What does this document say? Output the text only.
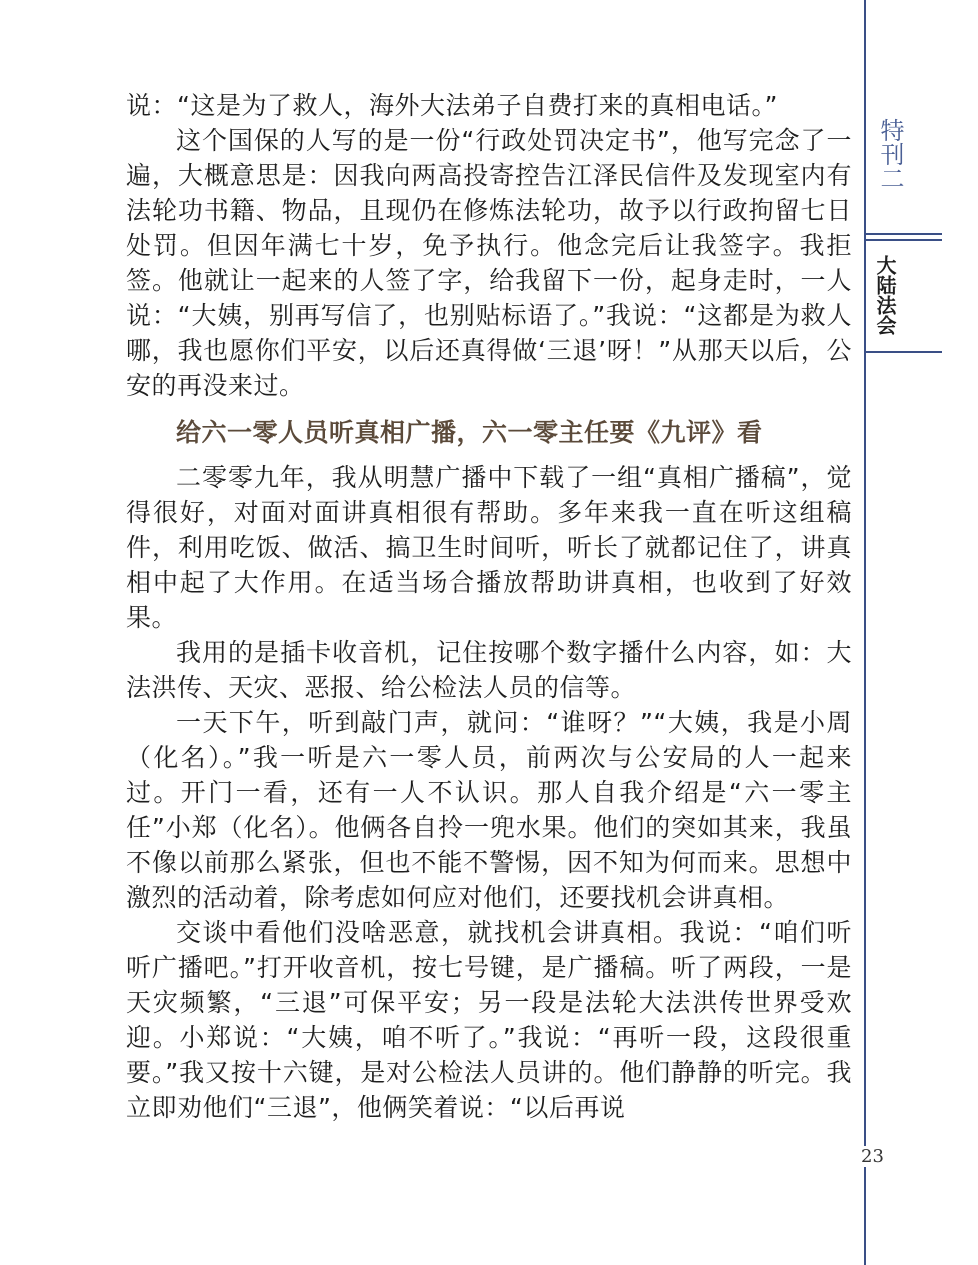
特刊二
大陆法会

说：“这是为了救人，海外大法弟子自费打来的真相电话。”

这个国保的人写的是一份“行政处罚决定书”，他写完念了一遍，大概意思是：因我向两高投寄控告江泽民信件及发现室内有法轮功书籍、物品，且现仍在修炼法轮功，故予以行政拘留七日处罚。但因年满七十岁，免予执行。他念完后让我签字。我拒签。他就让一起来的人签了字，给我留下一份，起身走时，一人说：“大姨，别再写信了，也别贴标语了。”我说：“这都是为救人哪，我也愿你们平安，以后还真得做‘三退’呀！”从那天以后，公安的再没来过。

给六一零人员听真相广播，六一零主任要《九评》看

二零零九年，我从明慧广播中下载了一组“真相广播稿”，觉得很好，对面对面讲真相很有帮助。多年来我一直在听这组稿件，利用吃饭、做活、搞卫生时间听，听长了就都记住了，讲真相中起了大作用。在适当场合播放帮助讲真相，也收到了好效果。

我用的是插卡收音机，记住按哪个数字播什么内容，如：大法洪传、天灾、恶报、给公检法人员的信等。

一天下午，听到敲门声，就问：“谁呀？”“大姨，我是小周（化名）。”我一听是六一零人员，前两次与公安局的人一起来过。开门一看，还有一人不认识。那人自我介绍是“六一零主任”小郑（化名）。他俩各自拎一兜水果。他们的突如其来，我虽不像以前那么紧张，但也不能不警惕，因不知为何而来。思想中激烈的活动着，除考虑如何应对他们，还要找机会讲真相。

交谈中看他们没啥恶意，就找机会讲真相。我说：“咱们听听广播吧。”打开收音机，按七号键，是广播稿。听了两段，一是天灾频繁，“三退”可保平安；另一段是法轮大法洪传世界受欢迎。小郑说：“大姨，咱不听了。”我说：“再听一段，这段很重要。”我又按十六键，是对公检法人员讲的。他们静静的听完。我立即劝他们“三退”，他俩笑着说：“以后再说

23
